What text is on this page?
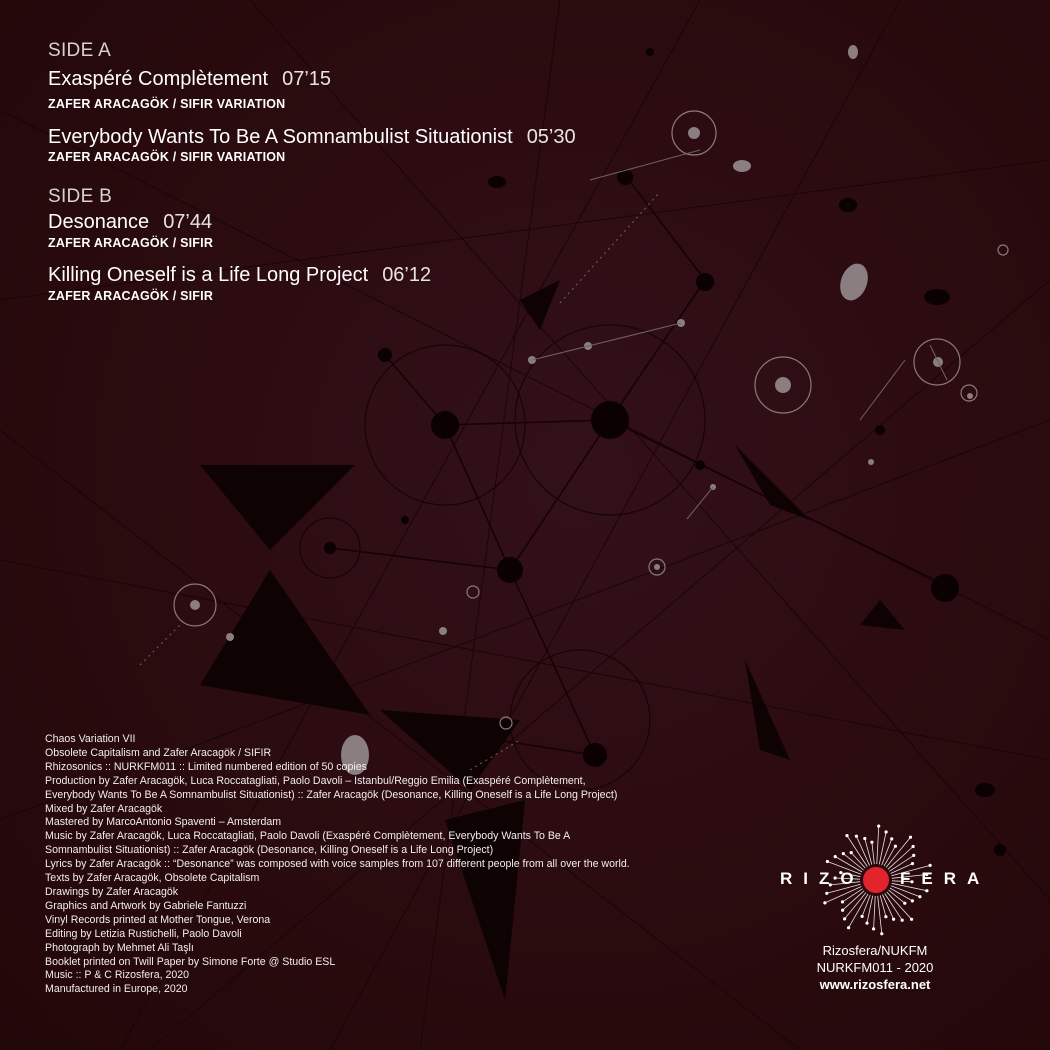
SIDE A
Exaspéré Complètement 07’15
ZAFER ARACAGÖK / SIFIR VARIATION
Everybody Wants To Be A Somnambulist Situationist 05’30
ZAFER ARACAGÖK / SIFIR VARIATION
SIDE B
Desonance 07’44
ZAFER ARACAGÖK / SIFIR
Killing Oneself is a Life Long Project 06’12
ZAFER ARACAGÖK / SIFIR
Chaos Variation VII
Obsolete Capitalism and Zafer Aracagök / SIFIR
Rhizosonics :: NURKFM011 :: Limited numbered edition of 50 copies
Production by Zafer Aracagök, Luca Roccatagliati, Paolo Davoli – Istanbul/Reggio Emilia (Exaspéré Complètement,
Everybody Wants To Be A Somnambulist Situationist) :: Zafer Aracagök (Desonance, Killing Oneself is a Life Long Project)
Mixed by Zafer Aracagök
Mastered by MarcoAntonio Spaventi – Amsterdam
Music by Zafer Aracagök, Luca Roccatagliati, Paolo Davoli (Exaspéré Complètement, Everybody Wants To Be A
Somnambulist Situationist) :: Zafer Aracagök (Desonance, Killing Oneself is a Life Long Project)
Lyrics by Zafer Aracagök :: “Desonance” was composed with voice samples from 107 different people from all over the world.
Texts by Zafer Aracagök, Obsolete Capitalism
Drawings by Zafer Aracagök
Graphics and Artwork by Gabriele Fantuzzi
Vinyl Records printed at Mother Tongue, Verona
Editing by Letizia Rustichelli, Paolo Davoli
Photograph by Mehmet Ali Taşlı
Booklet printed on Twill Paper by Simone Forte @ Studio ESL
Music :: P & C Rizosfera, 2020
Manufactured in Europe, 2020
RIZO S FERA
Rizosfera/NUKFM
NURKFM011 - 2020
www.rizosfera.net
